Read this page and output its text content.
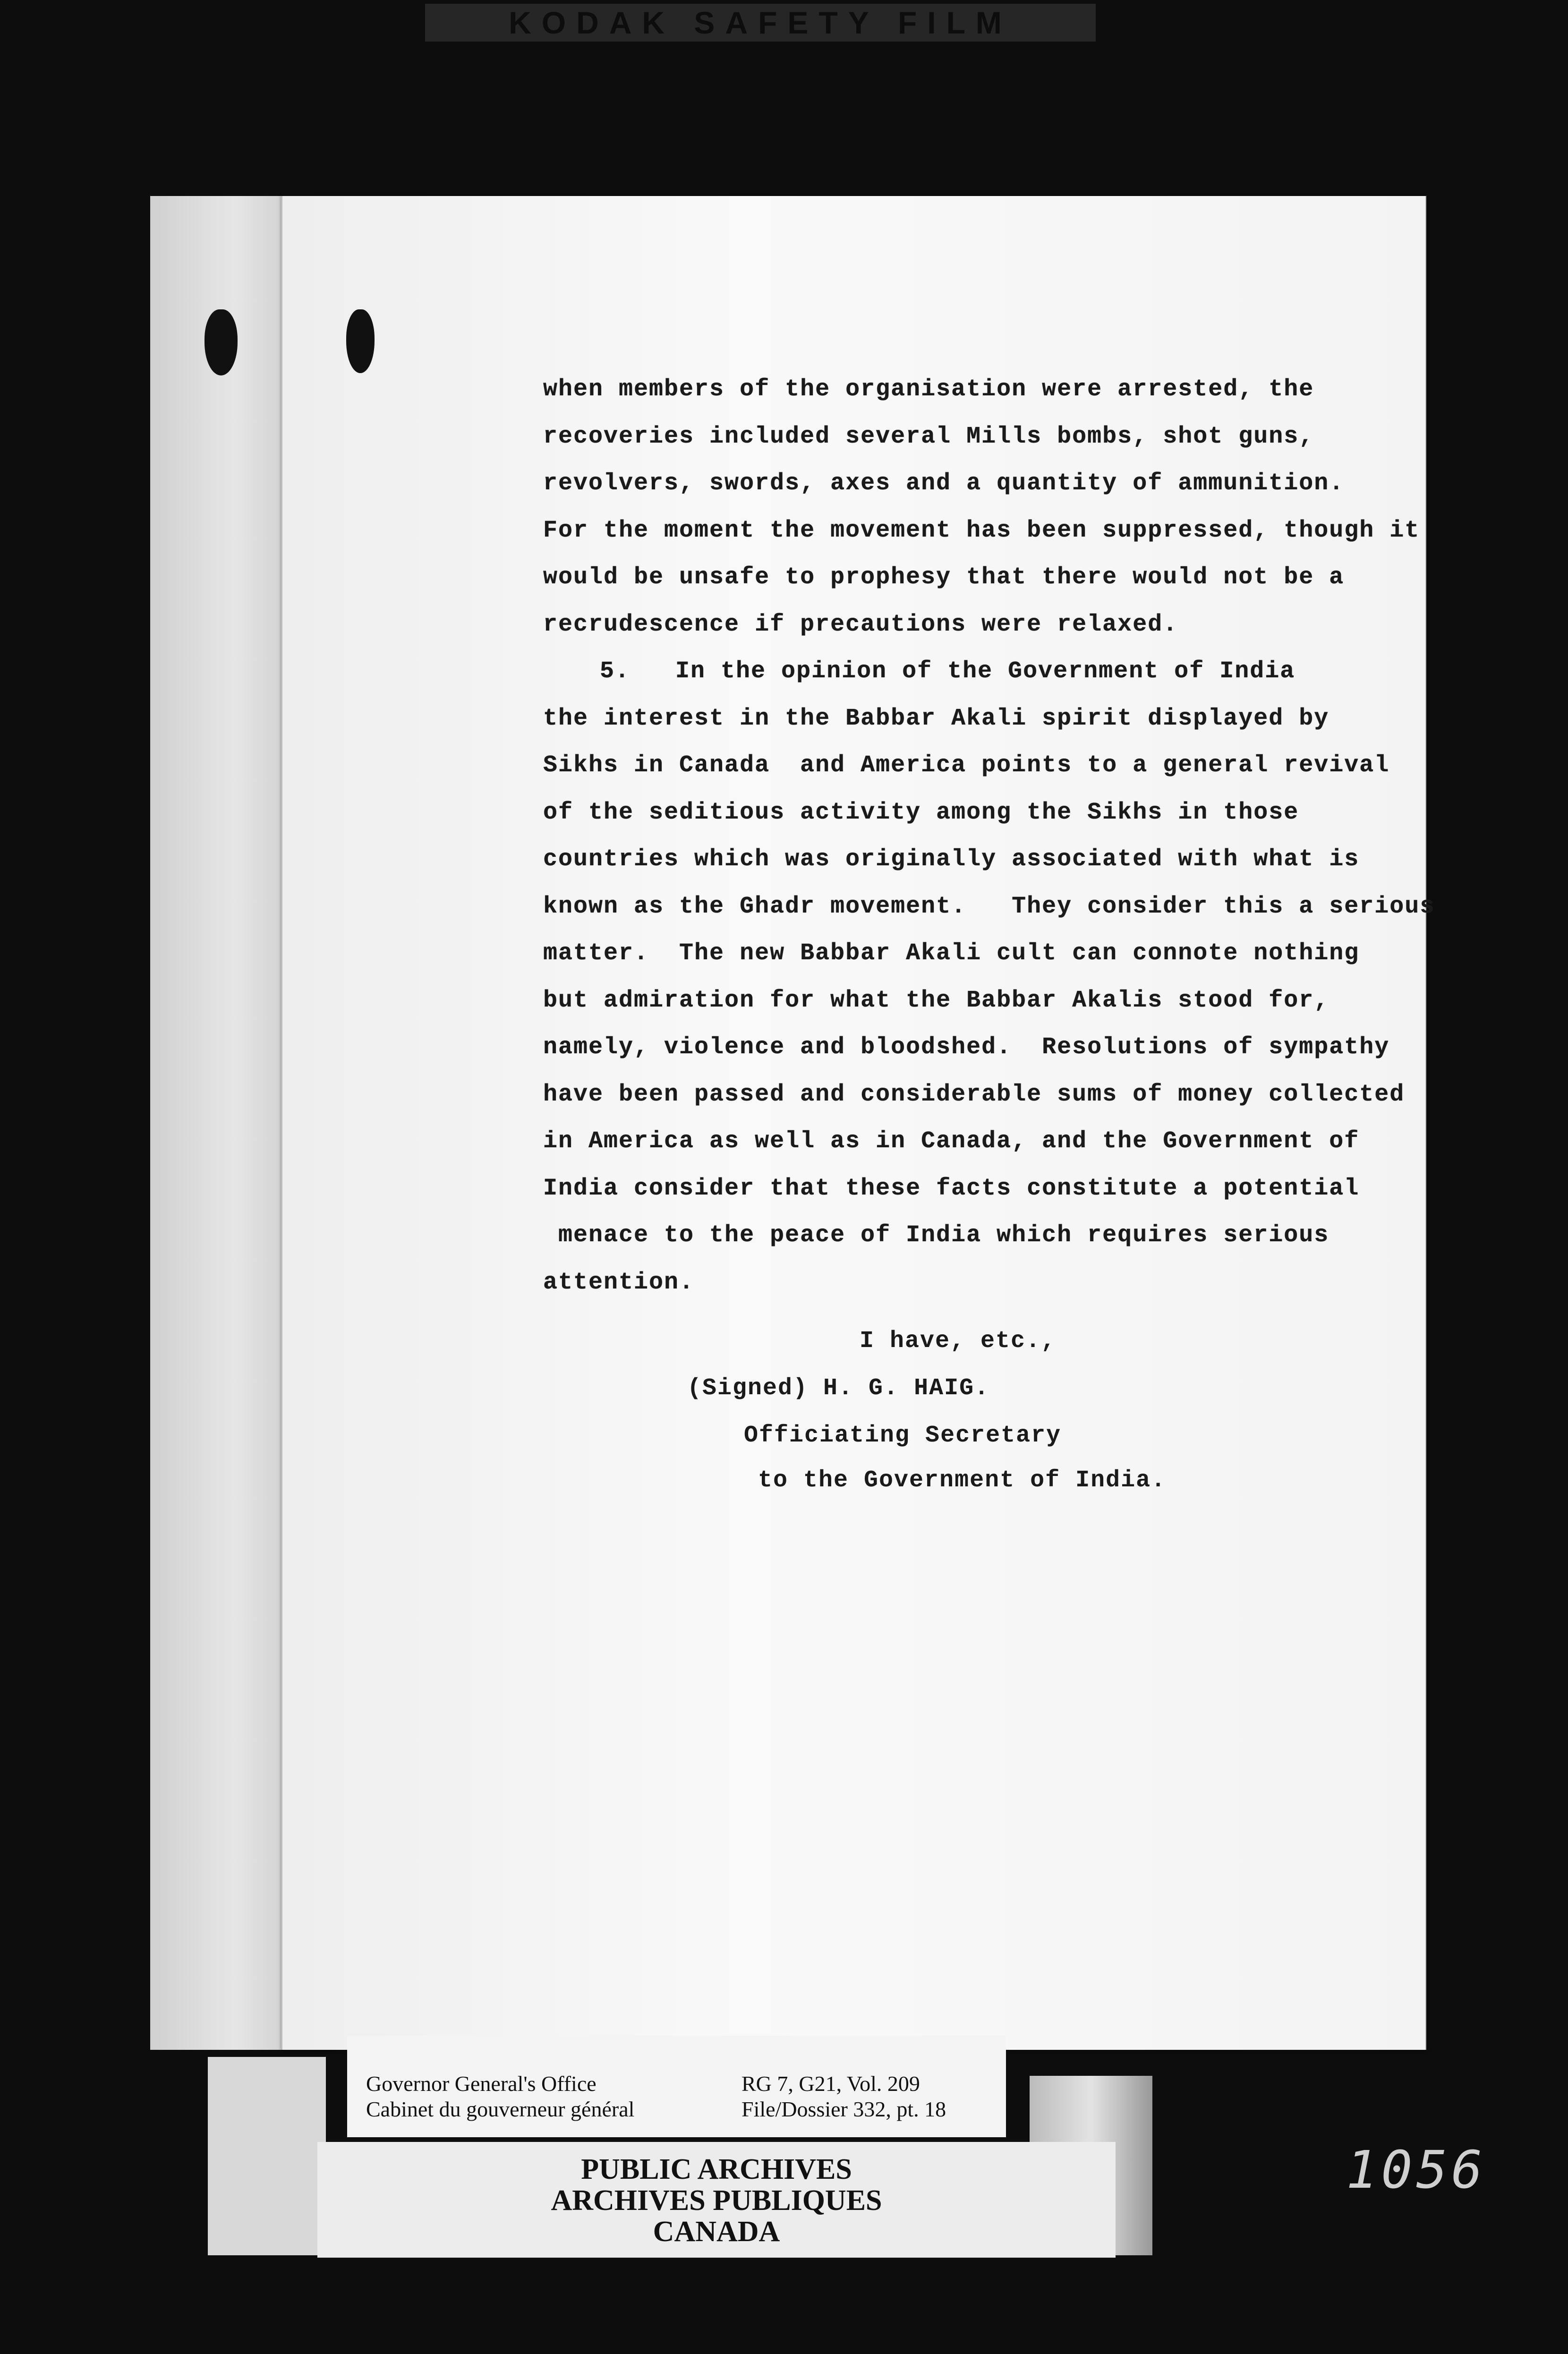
KODAK SAFETY FILM

when members of the organisation were arrested, the

recoveries included several Mills bombs, shot guns,

revolvers, swords, axes and a quantity of ammunition.

For the moment the movement has been suppressed, though it

would be unsafe to prophesy that there would not be a

recrudescence if precautions were relaxed.

5.   In the opinion of the Government of India

the interest in the Babbar Akali spirit displayed by

Sikhs in Canada  and America points to a general revival

of the seditious activity among the Sikhs in those

countries which was originally associated with what is

known as the Ghadr movement.   They consider this a serious

matter.  The new Babbar Akali cult can connote nothing

but admiration for what the Babbar Akalis stood for,

namely, violence and bloodshed.  Resolutions of sympathy

have been passed and considerable sums of money collected

in America as well as in Canada, and the Government of

India consider that these facts constitute a potential

menace to the peace of India which requires serious

attention.

I have, etc.,
(Signed) H. G. HAIG.
Officiating Secretary
to the Government of India.
Governor General's Office
Cabinet du gouverneur général
RG 7, G21, Vol. 209
File/Dossier 332, pt. 18
PUBLIC ARCHIVES
ARCHIVES PUBLIQUES
CANADA
1056
